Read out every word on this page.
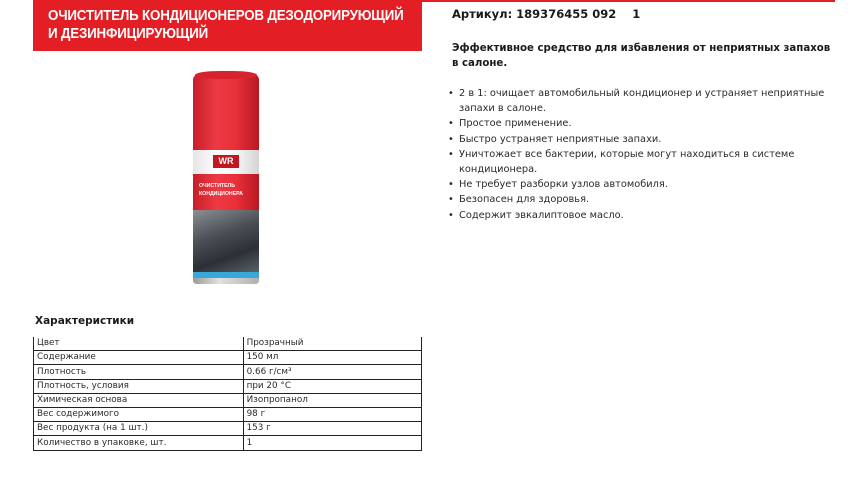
ОЧИСТИТЕЛЬ КОНДИЦИОНЕРОВ ДЕЗОДОРИРУЮЩИЙ
И ДЕЗИНФИЦИРУЮЩИЙ
Артикул: 189376455 092    1
Эффективное средство для избавления от неприятных запахов в салоне.
• 2 в 1: очищает автомобильный кондиционер и устраняет неприятные запахи в салоне.
• Простое применение.
• Быстро устраняет неприятные запахи.
• Уничтожает все бактерии, которые могут находиться в системе кондиционера.
• Не требует разборки узлов автомобиля.
• Безопасен для здоровья.
• Содержит эвкалиптовое масло.
WR
ОЧИСТИТЕЛЬ
КОНДИЦИОНЕРА
Характеристики
Цвет	Прозрачный
Содержание	150 мл
Плотность	0.66 г/см³
Плотность, условия	при 20 °С
Химическая основа	Изопропанол
Вес содержимого	98 г
Вес продукта (на 1 шт.)	153 г
Количество в упаковке, шт.	1
